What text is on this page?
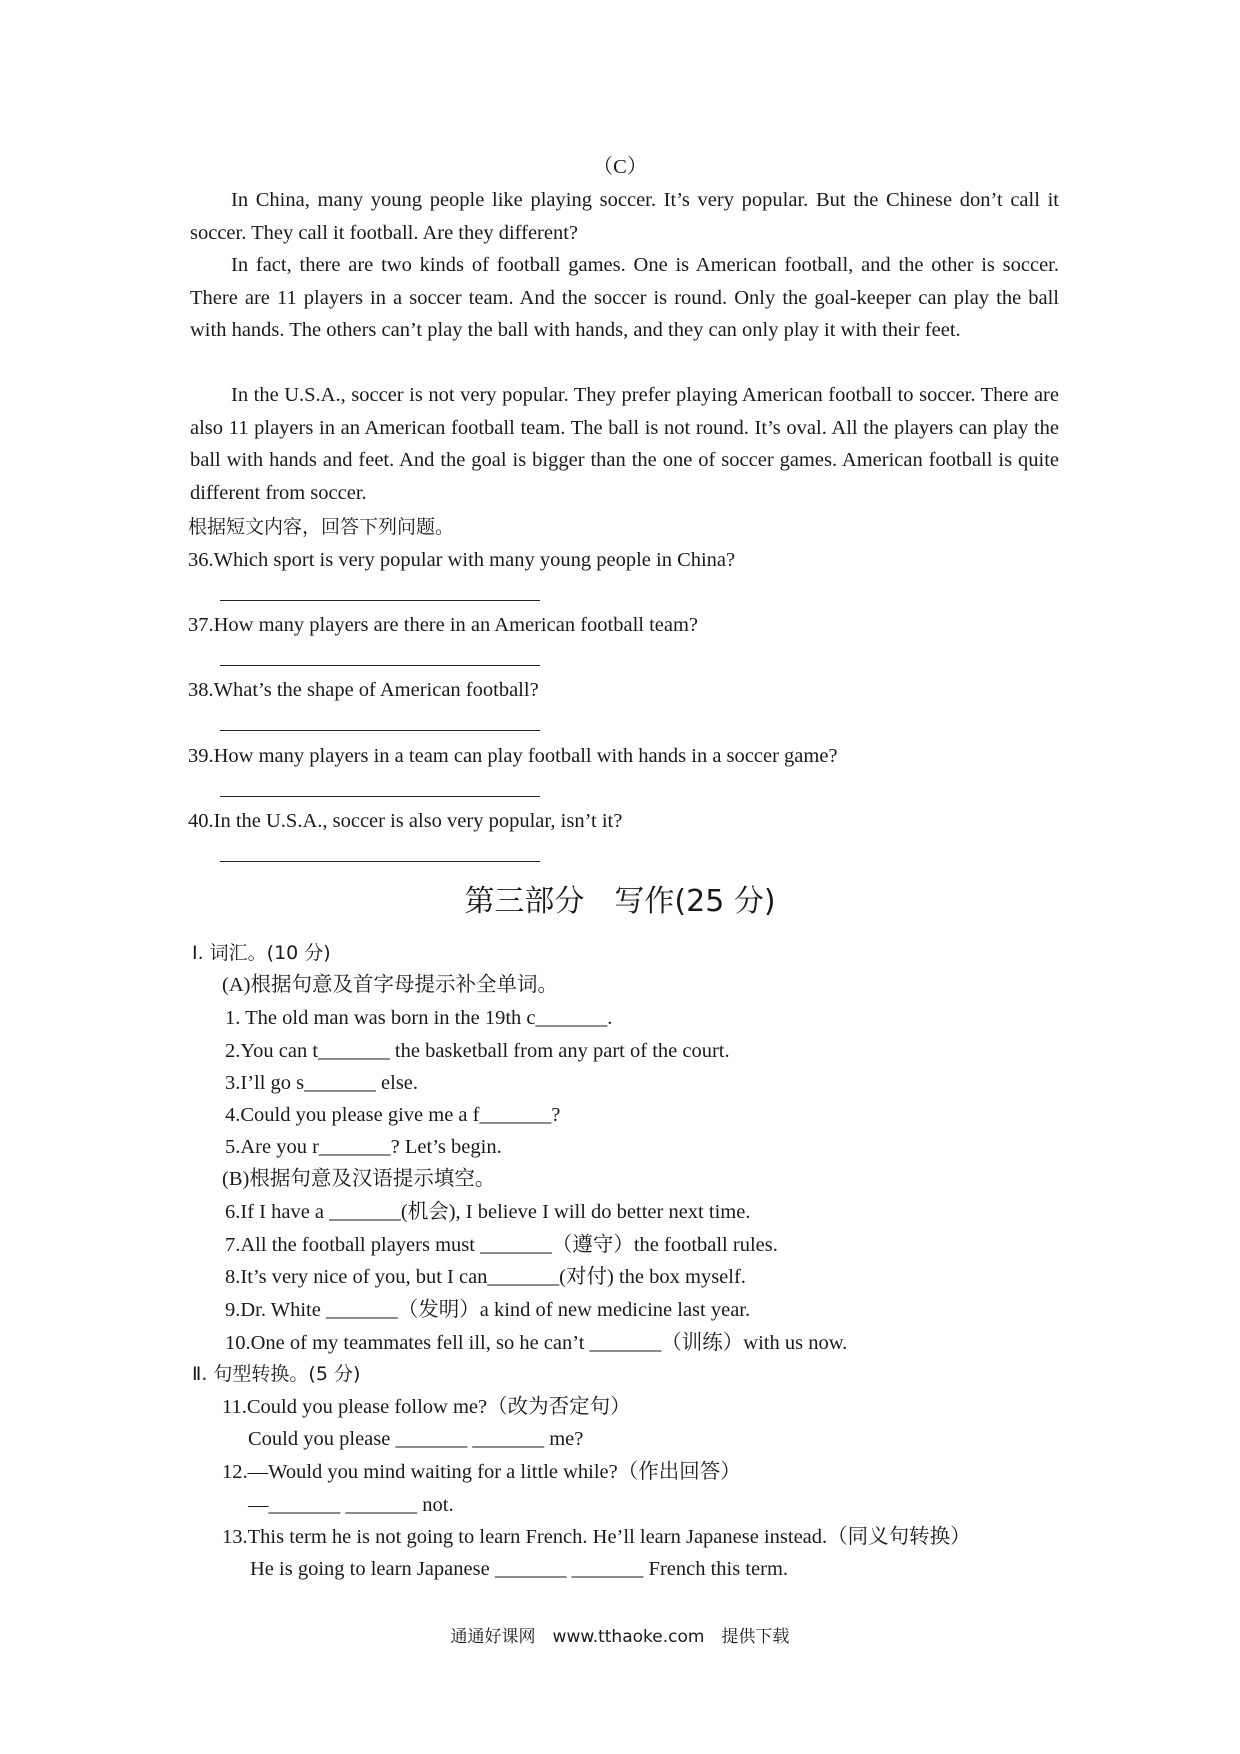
（C）
In China, many young people like playing soccer. It’s very popular. But the Chinese don’t call it soccer. They call it football. Are they different?
In fact, there are two kinds of football games. One is American football, and the other is soccer. There are 11 players in a soccer team. And the soccer is round. Only the goal-keeper can play the ball with hands. The others can’t play the ball with hands, and they can only play it with their feet.
In the U.S.A., soccer is not very popular. They prefer playing American football to soccer. There are also 11 players in an American football team. The ball is not round. It’s oval. All the players can play the ball with hands and feet. And the goal is bigger than the one of soccer games. American football is quite different from soccer.
根据短文内容，回答下列问题。
36.Which sport is very popular with many young people in China?
37.How many players are there in an American football team?
38.What’s the shape of American football?
39.How many players in a team can play football with hands in a soccer game?
40.In the U.S.A., soccer is also very popular, isn’t it?
第三部分　写作(25 分)
Ⅰ. 词汇。(10 分)
(A)根据句意及首字母提示补全单词。
1. The old man was born in the 19th c_______.
2.You can t_______ the basketball from any part of the court.
3.I’ll go s_______ else.
4.Could you please give me a f_______?
5.Are you r_______? Let’s begin.
(B)根据句意及汉语提示填空。
6.If I have a _______(机会), I believe I will do better next time.
7.All the football players must _______（遵守）the football rules.
8.It’s very nice of you, but I can_______(对付) the box myself.
9.Dr. White _______（发明）a kind of new medicine last year.
10.One of my teammates fell ill, so he can’t _______（训练）with us now.
Ⅱ. 句型转换。(5 分)
11.Could you please follow me?（改为否定句）
Could you please _______ _______ me?
12.—Would you mind waiting for a little while?（作出回答）
—_______ _______ not.
13.This term he is not going to learn French. He’ll learn Japanese instead.（同义句转换）
He is going to learn Japanese _______ _______ French this term.
通通好课网　www.tthaoke.com　提供下载
